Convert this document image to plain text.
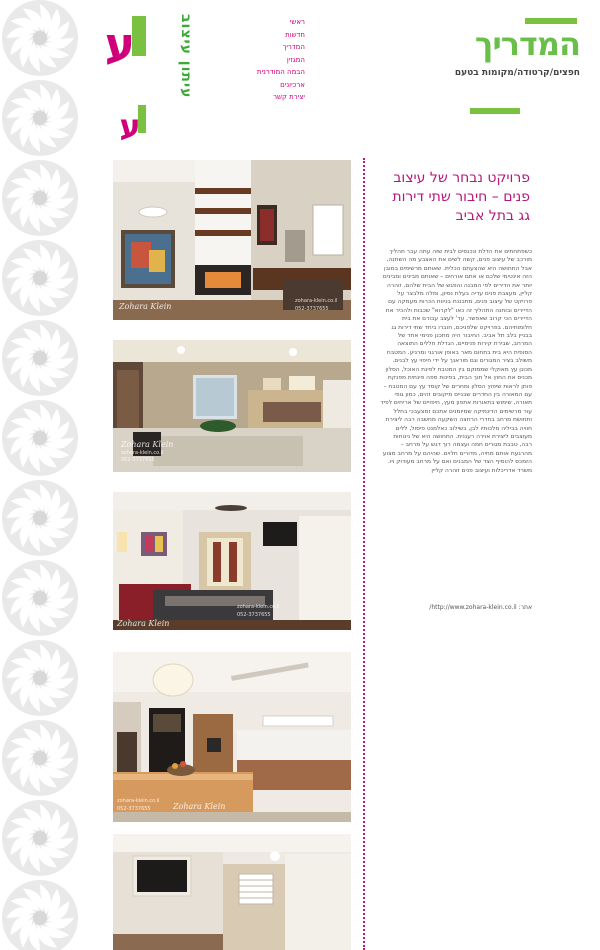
ע
ע
עיתון עיצוב	ראשי
חדשות
המדריך
המגזין
הבמה המודרנית
ארכיונים
יצירת קשר
המדריך
חפצים/קרטודה/מקומות בטעם
Zohara Klein
zohara-klein.co.il
052-3737655
Zohara Klein
zohara-klein.co.il
052-3737655
Zohara Klein
zohara-klein.co.il
052-3737655
Zohara Klein
zohara-klein.co.il
052-3737655
פרויקט נבחר של עיצוב פנים – חיבור שתי דירות גג בתל אביב

כשפתחתים את הדלת ונכנסים לבית שזה עתה עבר תהליך מורכב של עיצוב פנים, קשה לשים את האצבע מה השתנה, אבל התחושה היא שהצעתם הכלית. שאותם מרשימים במובן הזה אינטימי שלכם או אתם אורחים – שאותם מבינים ומבינים יותר את הדירים לפי המבנה והפגש של הבית שלהם. זוהרה קליין, מעצבת פנים עדיה בעלת נסיון, ומלה מלבצר על פרויקט של עיצוב פנים, מתכננת בניוות הכרות מעמקה עם הדיירים ובוחנה התהליך זה כאו "לקרוא" שכבות ולהכיר את הדיירים הכי קרוב שאפשר. עד' לעצב עבורם את בית חלומותיהם. בפרויקט שלפניכם, חוברו ביחד שתי דירות גג בבניין בלב תל אביב. החיבור היה מתכנן פנימי אחד של המרחב, שבירת קירות פנימיים, הגדלת חללים התוצאה הסופית היא בית בתחום מאר באופן אורגני ומרגיע. המטבח משולב בציר המגורים וגם מוראנך על ידי חיפוי עץ לבנים. מכונן עץ מאוקלי שממוקם בין המטבח לפינת האוכל, הסלון מכניס את החוץ אל תוך הבית, בפינות ספה פינתית מפנקת פותן לראות שיפוץ הסלון ומחרים של קוסד עץ עם המטבח – עם המאורה בין החדרים שבניים מיקובים זהים, כמון גופי תאורה, שימוש בתאורות אתפון מעץ, חיפויים של אריחים לפיד עור מרשימים הדינמיקה שמיומנים אתכם זמצעבכי בחלל ותחושת מרחב בחדרי הרחצה השקעה מחשבה רבה ליצירת חוויה בביליה מלכותיו לבן, בשילוב כאלמנט פיסול, ללים מעוצבים ליצירת אוירה רעננית. התחושה היא של נינוחות רבה, טבבת מגורים חמה ועצמה רוך דגש על מרחב – מהרגעת אותם מחיה, מדורים חלוים. שהיהם על מרחב מצוע הזמכס להוסיף הצד של המבנים ואם על מרחב מעודוק ויו.

משרד אדריכלות ועיצוב פנים זוהרה קליין

אתר: http://www.zohara-klein.co.il/
